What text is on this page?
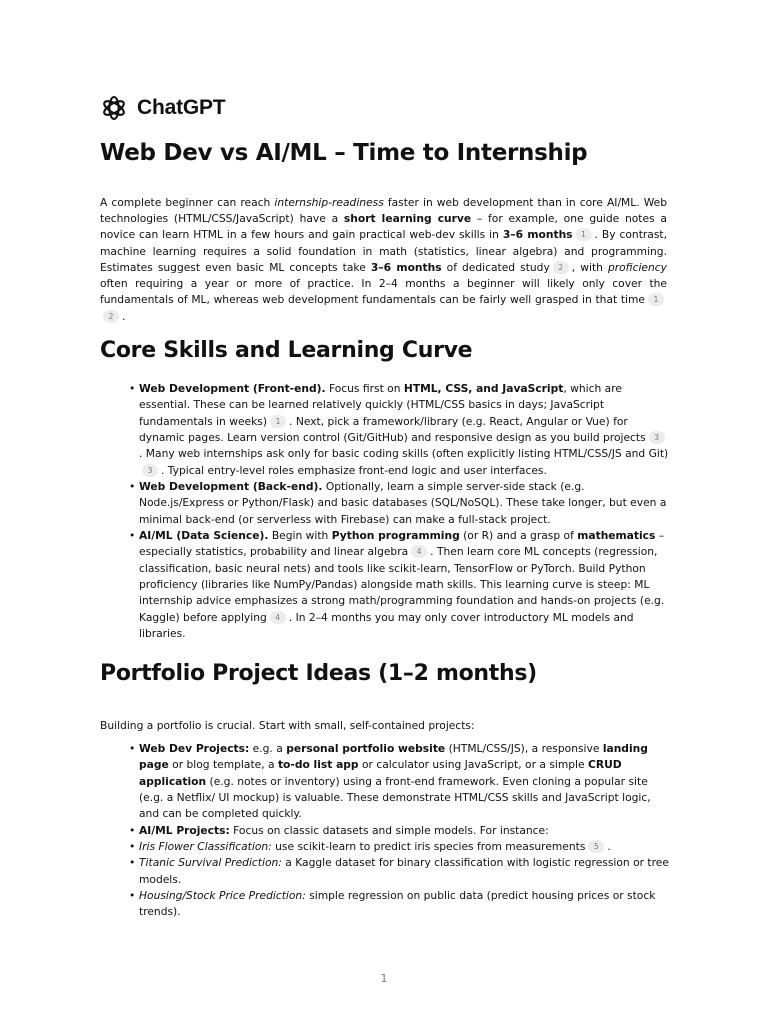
ChatGPT
Web Dev vs AI/ML – Time to Internship

A complete beginner can reach internship-readiness faster in web development than in core AI/ML. Web technologies (HTML/CSS/JavaScript) have a short learning curve – for example, one guide notes a novice can learn HTML in a few hours and gain practical web-dev skills in 3–6 months 1 . By contrast, machine learning requires a solid foundation in math (statistics, linear algebra) and programming. Estimates suggest even basic ML concepts take 3–6 months of dedicated study 2 , with proficiency often requiring a year or more of practice. In 2–4 months a beginner will likely only cover the fundamentals of ML, whereas web development fundamentals can be fairly well grasped in that time 12 .

Core Skills and Learning Curve
• Web Development (Front-end). Focus first on HTML, CSS, and JavaScript, which are essential. These can be learned relatively quickly (HTML/CSS basics in days; JavaScript fundamentals in weeks) 1 . Next, pick a framework/library (e.g. React, Angular or Vue) for dynamic pages. Learn version control (Git/GitHub) and responsive design as you build projects 3. Many web internships ask only for basic coding skills (often explicitly listing HTML/CSS/JS and Git)3 . Typical entry-level roles emphasize front-end logic and user interfaces.
• Web Development (Back-end). Optionally, learn a simple server-side stack (e.g. Node.js/Express or Python/Flask) and basic databases (SQL/NoSQL). These take longer, but even a minimal back-end (or serverless with Firebase) can make a full-stack project.
• AI/ML (Data Science). Begin with Python programming (or R) and a grasp of mathematics – especially statistics, probability and linear algebra 4 . Then learn core ML concepts (regression, classification, basic neural nets) and tools like scikit-learn, TensorFlow or PyTorch. Build Python proficiency (libraries like NumPy/Pandas) alongside math skills. This learning curve is steep: ML internship advice emphasizes a strong math/programming foundation and hands-on projects (e.g. Kaggle) before applying 4 . In 2–4 months you may only cover introductory ML models and libraries.
Portfolio Project Ideas (1–2 months)

Building a portfolio is crucial. Start with small, self-contained projects:

• Web Dev Projects: e.g. a personal portfolio website (HTML/CSS/JS), a responsive landing page or blog template, a to-do list app or calculator using JavaScript, or a simple CRUD application (e.g. notes or inventory) using a front-end framework. Even cloning a popular site (e.g. a Netflix/ UI mockup) is valuable. These demonstrate HTML/CSS skills and JavaScript logic, and can be completed quickly.
• AI/ML Projects: Focus on classic datasets and simple models. For instance:
• Iris Flower Classification: use scikit-learn to predict iris species from measurements 5 .
• Titanic Survival Prediction: a Kaggle dataset for binary classification with logistic regression or tree models.
• Housing/Stock Price Prediction: simple regression on public data (predict housing prices or stock trends).
1
